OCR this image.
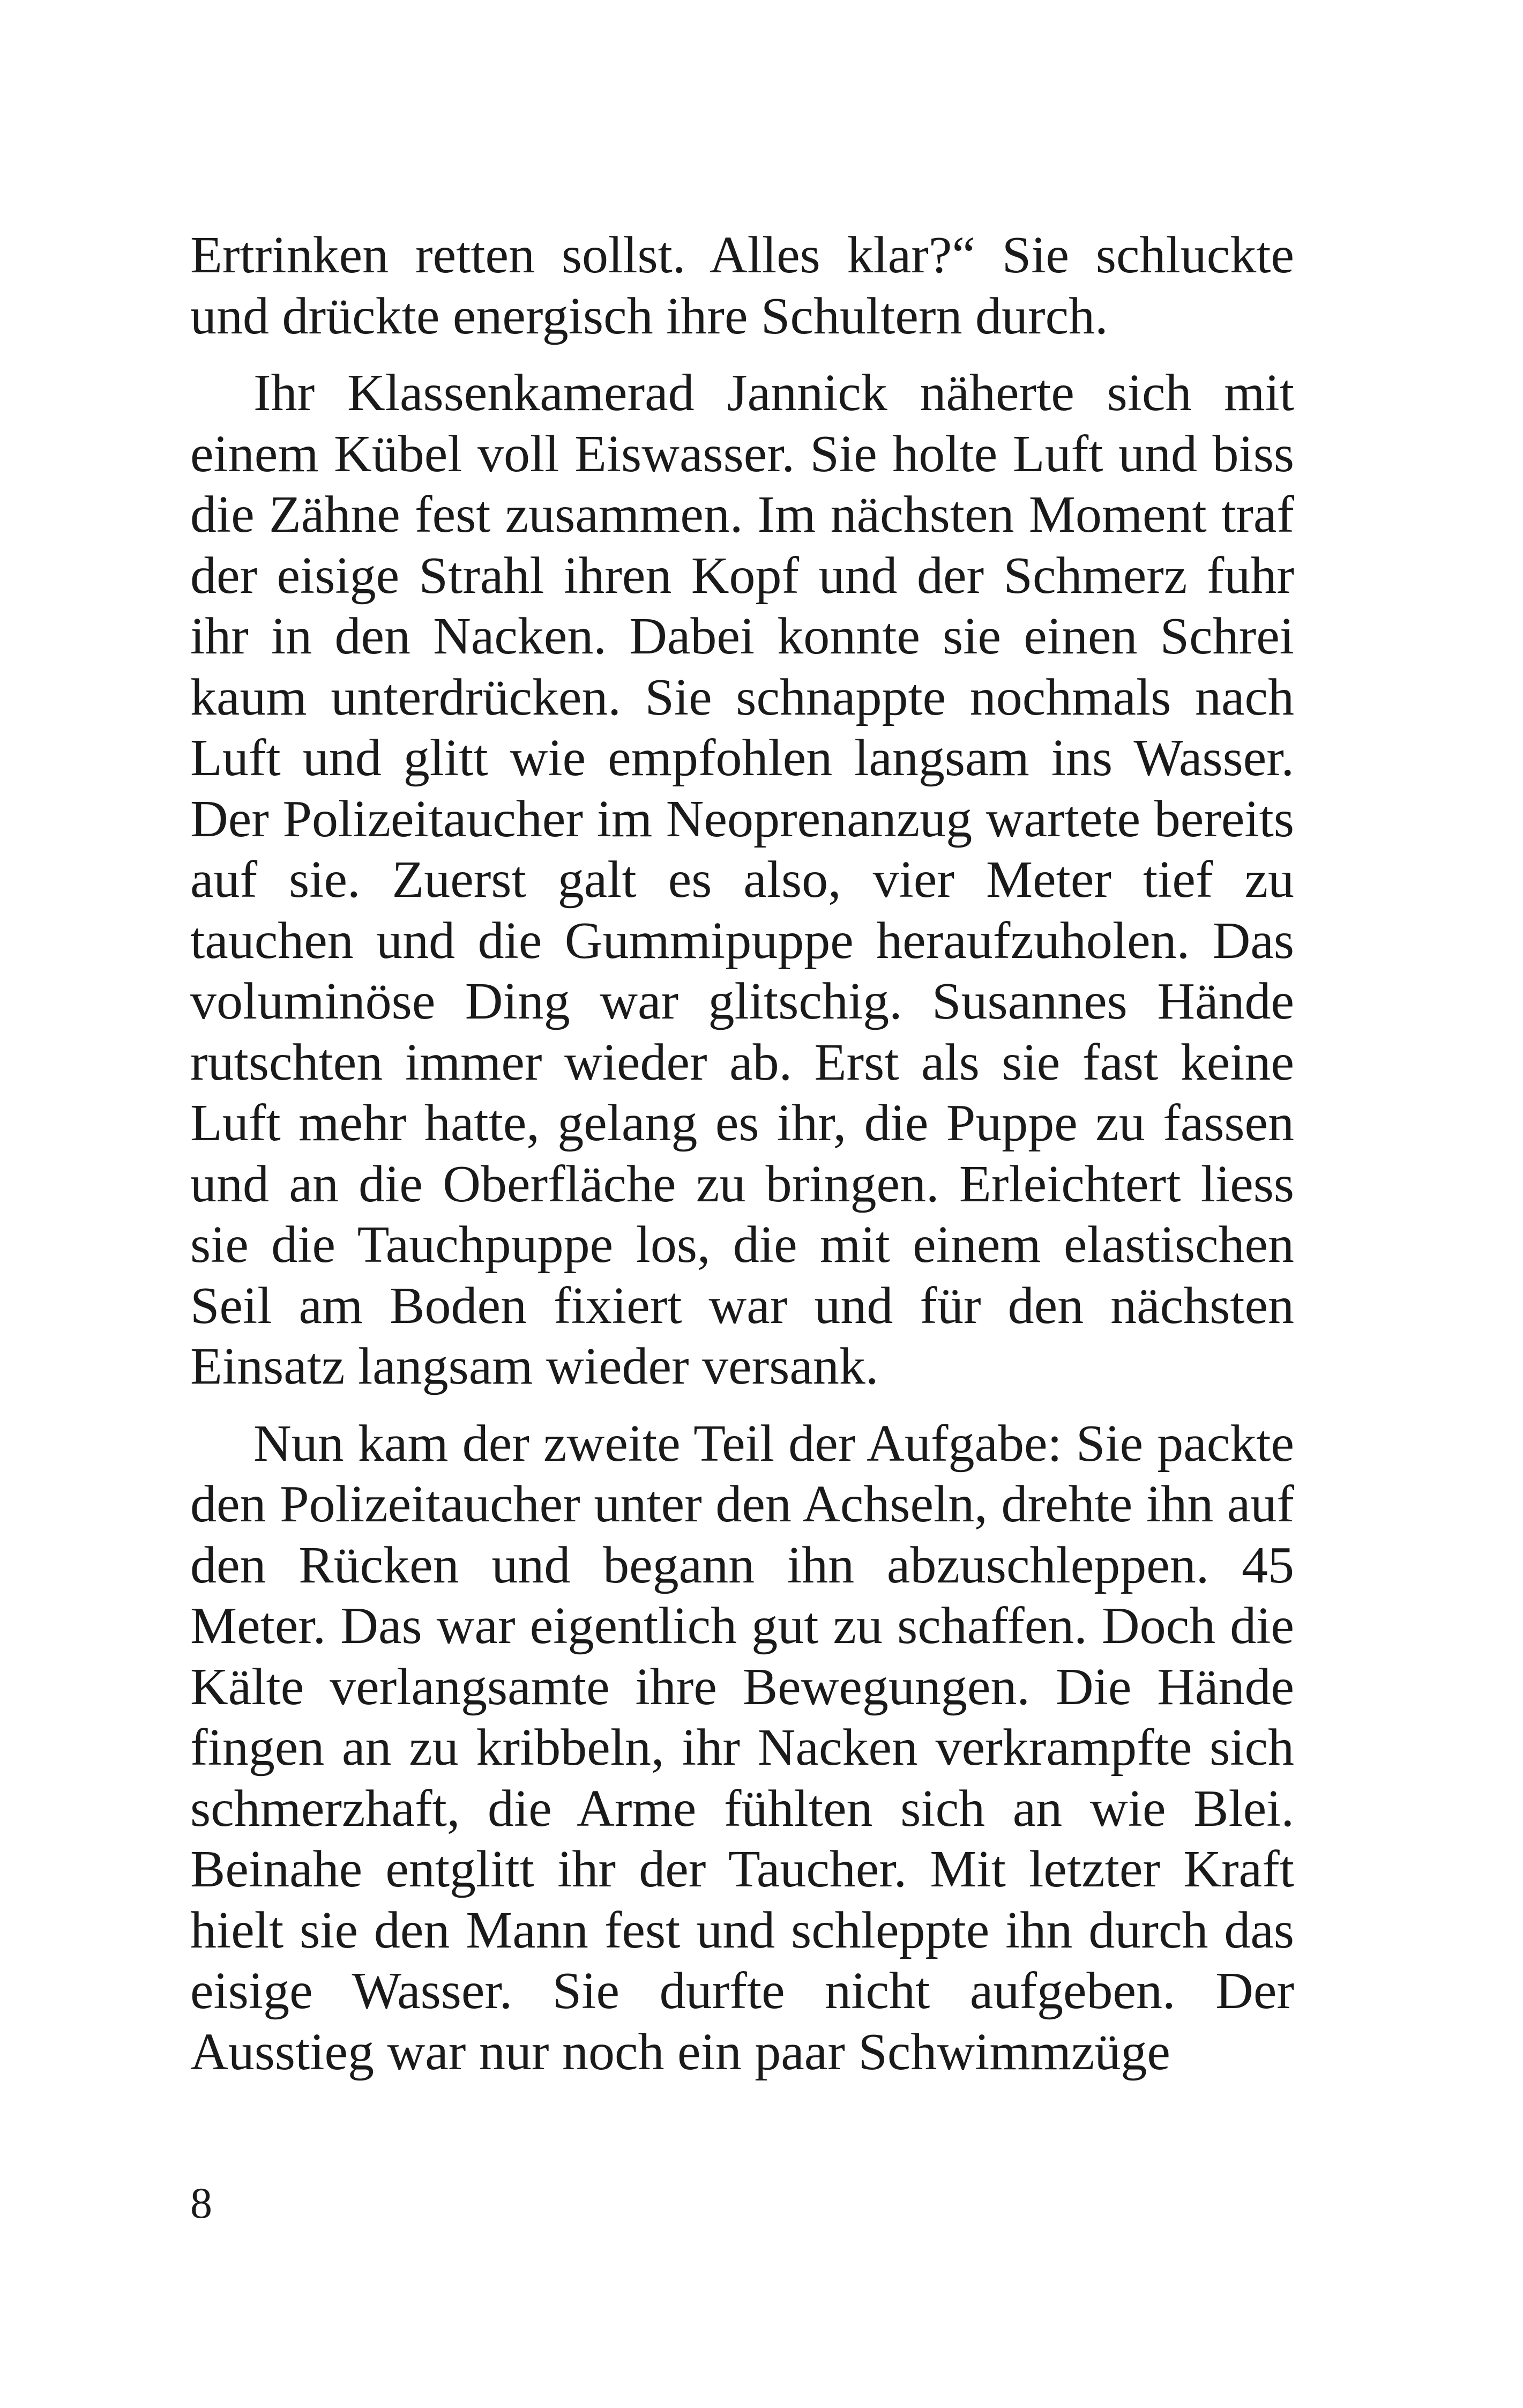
Ertrinken retten sollst. Alles klar?“ Sie schluckte und drückte energisch ihre Schultern durch.

Ihr Klassenkamerad Jannick näherte sich mit einem Kübel voll Eiswasser. Sie holte Luft und biss die Zähne fest zusammen. Im nächsten Moment traf der eisige Strahl ihren Kopf und der Schmerz fuhr ihr in den Nacken. Dabei konnte sie einen Schrei kaum unterdrücken. Sie schnappte nochmals nach Luft und glitt wie empfohlen langsam ins Wasser. Der Polizeitaucher im Neoprenanzug wartete bereits auf sie. Zuerst galt es also, vier Meter tief zu tauchen und die Gummipuppe heraufzuholen. Das voluminöse Ding war glitschig. Susannes Hände rutschten immer wieder ab. Erst als sie fast keine Luft mehr hatte, gelang es ihr, die Puppe zu fassen und an die Oberfläche zu bringen. Erleichtert liess sie die Tauchpuppe los, die mit einem elastischen Seil am Boden fixiert war und für den nächsten Einsatz langsam wieder versank.

Nun kam der zweite Teil der Aufgabe: Sie packte den Polizeitaucher unter den Achseln, drehte ihn auf den Rücken und begann ihn abzuschleppen. 45 Meter. Das war eigentlich gut zu schaffen. Doch die Kälte verlangsamte ihre Bewegungen. Die Hände fingen an zu kribbeln, ihr Nacken verkrampfte sich schmerzhaft, die Arme fühlten sich an wie Blei. Beinahe entglitt ihr der Taucher. Mit letzter Kraft hielt sie den Mann fest und schleppte ihn durch das eisige Wasser. Sie durfte nicht aufgeben. Der Ausstieg war nur noch ein paar Schwimmzüge

8
